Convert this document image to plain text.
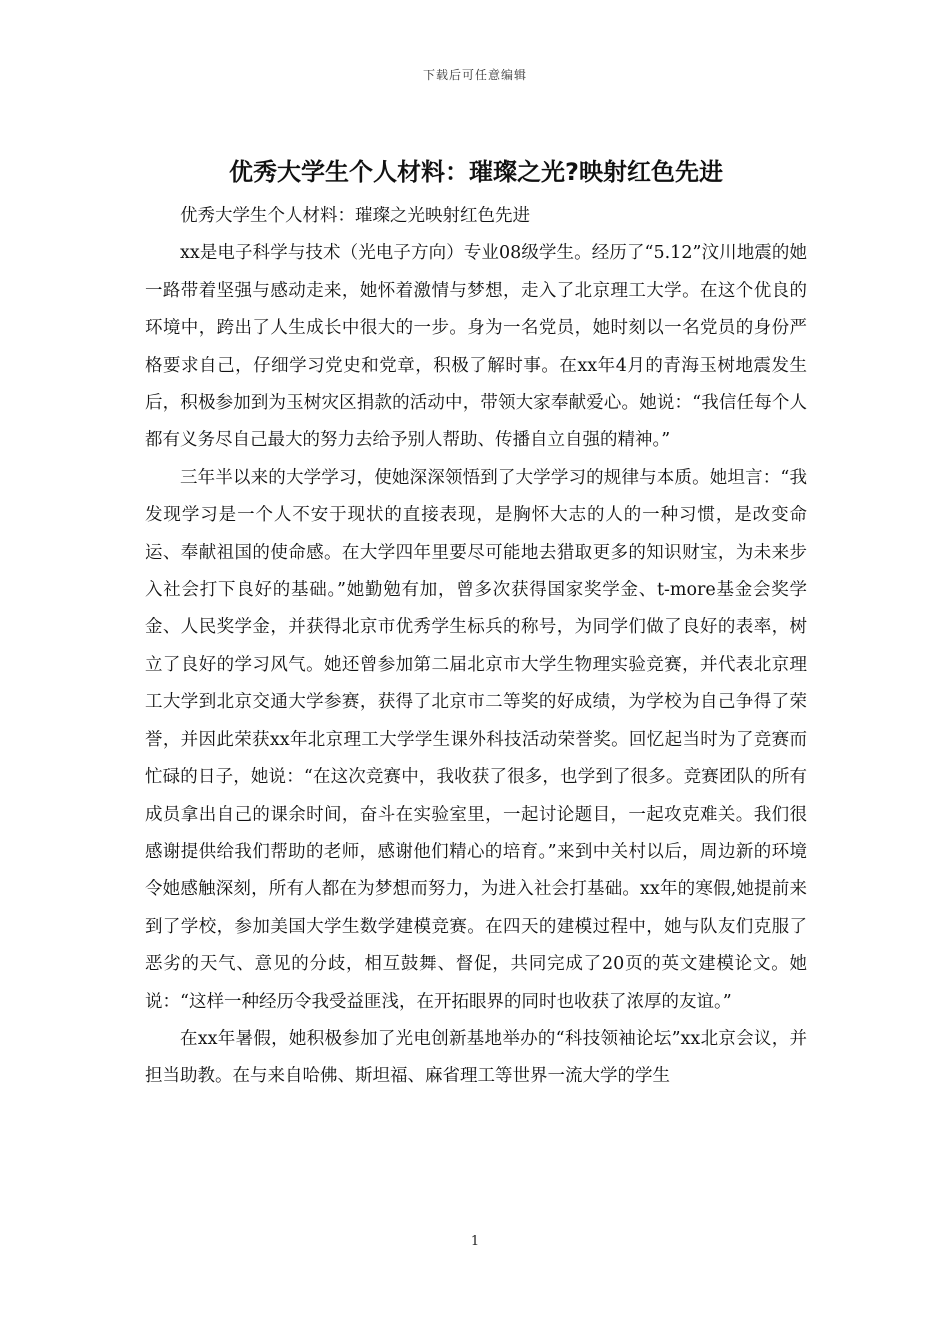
下载后可任意编辑
优秀大学生个人材料：璀璨之光?映射红色先进

优秀大学生个人材料：璀璨之光映射红色先进

xx是电子科学与技术（光电子方向）专业08级学生。经历了“5.12”汶川地震的她一路带着坚强与感动走来，她怀着激情与梦想，走入了北京理工大学。在这个优良的环境中，跨出了人生成长中很大的一步。身为一名党员，她时刻以一名党员的身份严格要求自己，仔细学习党史和党章，积极了解时事。在xx年4月的青海玉树地震发生后，积极参加到为玉树灾区捐款的活动中，带领大家奉献爱心。她说：“我信任每个人都有义务尽自己最大的努力去给予别人帮助、传播自立自强的精神。”

三年半以来的大学学习，使她深深领悟到了大学学习的规律与本质。她坦言：“我发现学习是一个人不安于现状的直接表现，是胸怀大志的人的一种习惯，是改变命运、奉献祖国的使命感。在大学四年里要尽可能地去猎取更多的知识财宝，为未来步入社会打下良好的基础。”她勤勉有加，曾多次获得国家奖学金、t-more基金会奖学金、人民奖学金，并获得北京市优秀学生标兵的称号，为同学们做了良好的表率，树立了良好的学习风气。她还曾参加第二届北京市大学生物理实验竞赛，并代表北京理工大学到北京交通大学参赛，获得了北京市二等奖的好成绩，为学校为自己争得了荣誉，并因此荣获xx年北京理工大学学生课外科技活动荣誉奖。回忆起当时为了竞赛而忙碌的日子，她说：“在这次竞赛中，我收获了很多，也学到了很多。竞赛团队的所有成员拿出自己的课余时间，奋斗在实验室里，一起讨论题目，一起攻克难关。我们很感谢提供给我们帮助的老师，感谢他们精心的培育。”来到中关村以后，周边新的环境令她感触深刻，所有人都在为梦想而努力，为进入社会打基础。xx年的寒假,她提前来到了学校，参加美国大学生数学建模竞赛。在四天的建模过程中，她与队友们克服了恶劣的天气、意见的分歧，相互鼓舞、督促，共同完成了20页的英文建模论文。她说：“这样一种经历令我受益匪浅，在开拓眼界的同时也收获了浓厚的友谊。”

在xx年暑假，她积极参加了光电创新基地举办的“科技领袖论坛”xx北京会议，并担当助教。在与来自哈佛、斯坦福、麻省理工等世界一流大学的学生

1
